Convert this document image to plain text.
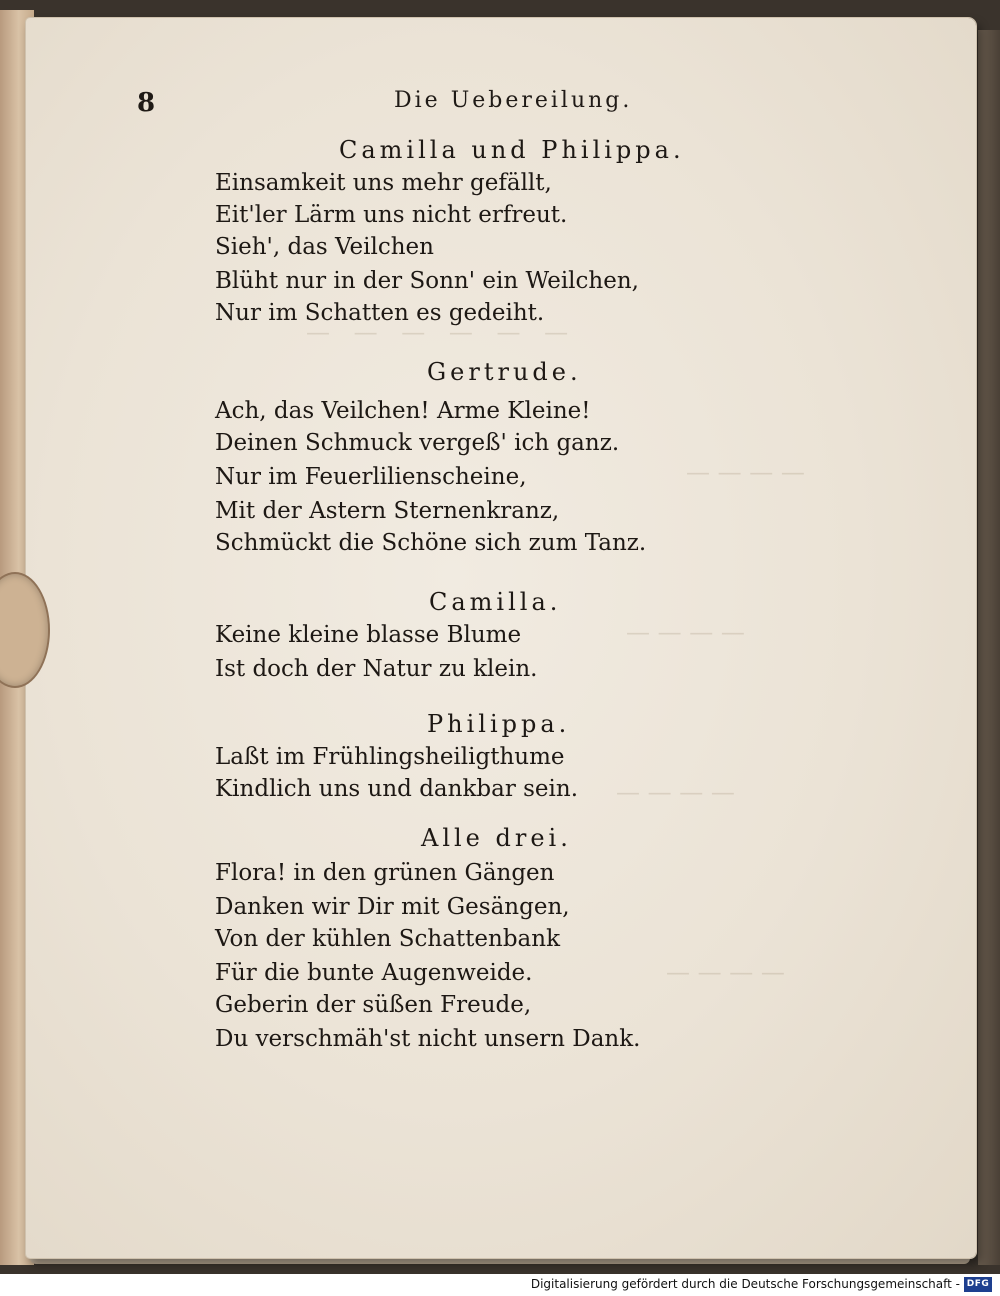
— — — — — —
— — — —
— — — —
— — — —
— — — —
8	Die Uebereilung.
Camilla und Philippa.
Einsamkeit uns mehr gefällt,
Eit'ler Lärm uns nicht erfreut.
Sieh', das Veilchen
Blüht nur in der Sonn' ein Weilchen,
Nur im Schatten es gedeiht.
Gertrude.
Ach, das Veilchen! Arme Kleine!
Deinen Schmuck vergeß' ich ganz.
Nur im Feuerlilienscheine,
Mit der Astern Sternenkranz,
Schmückt die Schöne sich zum Tanz.
Camilla.
Keine kleine blasse Blume
Ist doch der Natur zu klein.
Philippa.
Laßt im Frühlingsheiligthume
Kindlich uns und dankbar sein.
Alle drei.
Flora! in den grünen Gängen
Danken wir Dir mit Gesängen,
Von der kühlen Schattenbank
Für die bunte Augenweide.
Geberin der süßen Freude,
Du verschmäh'st nicht unsern Dank.
Digitalisierung gefördert durch die Deutsche Forschungsgemeinschaft - DFG
